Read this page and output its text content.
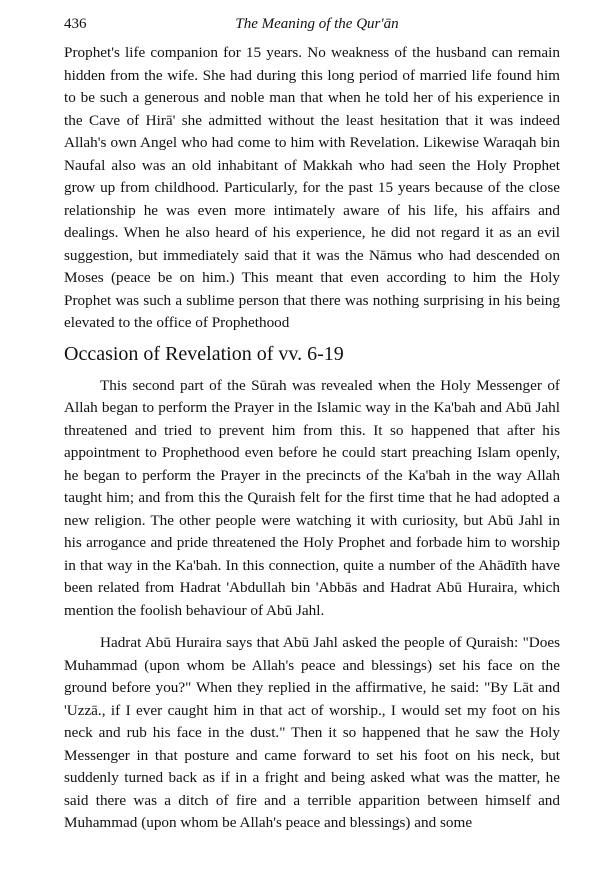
436	The Meaning of the Qur'ān

Prophet's life companion for 15 years. No weakness of the husband can remain hidden from the wife. She had during this long period of married life found him to be such a generous and noble man that when he told her of his experience in the Cave of Hirā' she admitted without the least hesitation that it was indeed Allah's own Angel who had come to him with Revelation. Likewise Waraqah bin Naufal also was an old inhabitant of Makkah who had seen the Holy Prophet grow up from childhood. Particularly, for the past 15 years because of the close relationship he was even more intimately aware of his life, his affairs and dealings. When he also heard of his experience, he did not regard it as an evil suggestion, but immediately said that it was the Nāmus who had descended on Moses (peace be on him.) This meant that even according to him the Holy Prophet was such a sublime person that there was nothing surprising in his being elevated to the office of Prophethood

Occasion of Revelation of vv. 6-19

This second part of the Sūrah was revealed when the Holy Messenger of Allah began to perform the Prayer in the Islamic way in the Ka'bah and Abū Jahl threatened and tried to prevent him from this. It so happened that after his appointment to Prophethood even before he could start preaching Islam openly, he began to perform the Prayer in the precincts of the Ka'bah in the way Allah taught him; and from this the Quraish felt for the first time that he had adopted a new religion. The other people were watching it with curiosity, but Abū Jahl in his arrogance and pride threatened the Holy Prophet and forbade him to worship in that way in the Ka'bah. In this connection, quite a number of the Ahādīth have been related from Hadrat 'Abdullah bin 'Abbās and Hadrat Abū Huraira, which mention the foolish behaviour of Abū Jahl.

Hadrat Abū Huraira says that Abū Jahl asked the people of Quraish: "Does Muhammad (upon whom be Allah's peace and blessings) set his face on the ground before you?" When they replied in the affirmative, he said: "By Lāt and 'Uzzā., if I ever caught him in that act of worship., I would set my foot on his neck and rub his face in the dust." Then it so happened that he saw the Holy Messenger in that posture and came forward to set his foot on his neck, but suddenly turned back as if in a fright and being asked what was the matter, he said there was a ditch of fire and a terrible apparition between himself and Muhammad (upon whom be Allah's peace and blessings) and some
